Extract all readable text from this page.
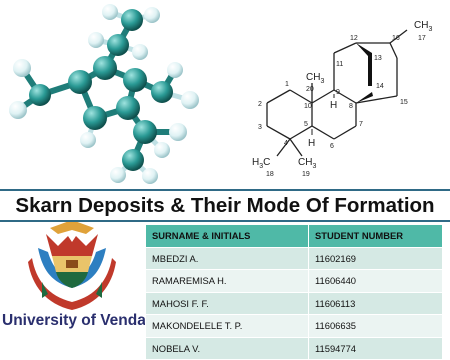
$CH_3$
17
12
13
16
11
14
$CH_3$
20	9
1
2	10	8
15
H
3	5	7
4	6
H
$H_3C$	$CH_3$
18	19
Skarn Deposits & Their Mode Of Formation
University of Venda
SURNAME & INITIALS	STUDENT NUMBER
MBEDZI A.	11602169
RAMAREMISA H.	11606440
MAHOSI F. F.	11606113
MAKONDELELE T. P.	11606635
NOBELA V.	11594774
